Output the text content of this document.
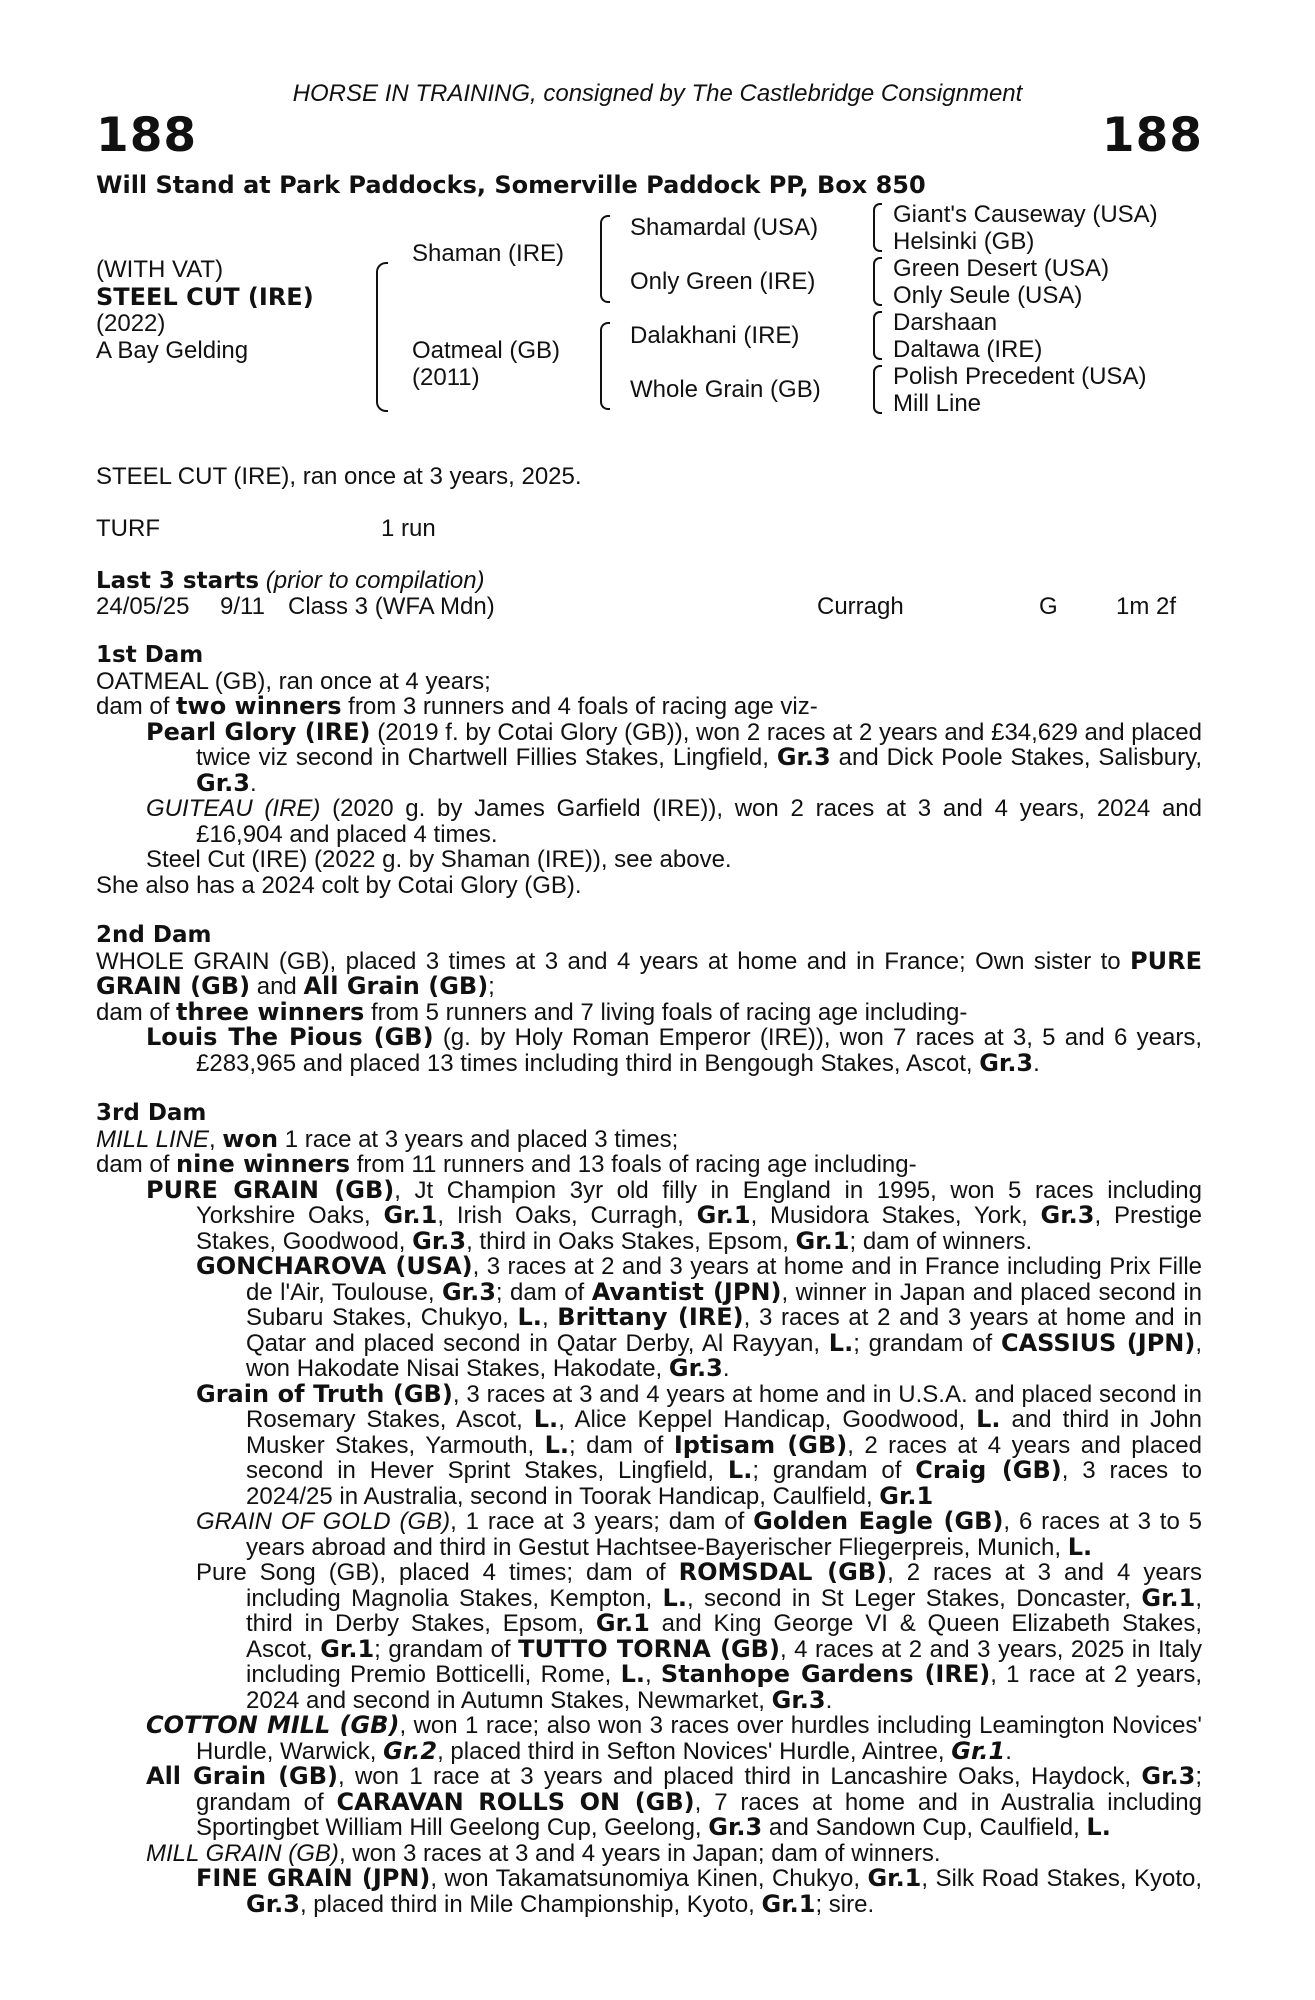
HORSE IN TRAINING, consigned by The Castlebridge Consignment
188	188
Will Stand at Park Paddocks, Somerville Paddock PP, Box 850
(WITH VAT)
STEEL CUT (IRE)
(2022)
A Bay Gelding
Shaman (IRE)
Oatmeal (GB)
(2011)
Shamardal (USA)
Only Green (IRE)
Dalakhani (IRE)
Whole Grain (GB)
Giant's Causeway (USA)
Helsinki (GB)
Green Desert (USA)
Only Seule (USA)
Darshaan
Daltawa (IRE)
Polish Precedent (USA)
Mill Line
STEEL CUT (IRE), ran once at 3 years, 2025.
TURF	1 run
Last 3 starts (prior to compilation)
24/05/25 9/11 Class 3 (WFA Mdn)	Curragh	G 1m 2f

1st Dam

OATMEAL (GB), ran once at 4 years;

dam of two winners from 3 runners and 4 foals of racing age viz-

Pearl Glory (IRE) (2019 f. by Cotai Glory (GB)), won 2 races at 2 years and £34,629 and placed twice viz second in Chartwell Fillies Stakes, Lingfield, Gr.3 and Dick Poole Stakes, Salisbury, Gr.3.

GUITEAU (IRE) (2020 g. by James Garfield (IRE)), won 2 races at 3 and 4 years, 2024 and £16,904 and placed 4 times.

Steel Cut (IRE) (2022 g. by Shaman (IRE)), see above.

She also has a 2024 colt by Cotai Glory (GB).

2nd Dam

WHOLE GRAIN (GB), placed 3 times at 3 and 4 years at home and in France; Own sister to PURE GRAIN (GB) and All Grain (GB);

dam of three winners from 5 runners and 7 living foals of racing age including-

Louis The Pious (GB) (g. by Holy Roman Emperor (IRE)), won 7 races at 3, 5 and 6 years, £283,965 and placed 13 times including third in Bengough Stakes, Ascot, Gr.3.

3rd Dam

MILL LINE, won 1 race at 3 years and placed 3 times;

dam of nine winners from 11 runners and 13 foals of racing age including-

PURE GRAIN (GB), Jt Champion 3yr old filly in England in 1995, won 5 races including Yorkshire Oaks, Gr.1, Irish Oaks, Curragh, Gr.1, Musidora Stakes, York, Gr.3, Prestige Stakes, Goodwood, Gr.3, third in Oaks Stakes, Epsom, Gr.1; dam of winners.

GONCHAROVA (USA), 3 races at 2 and 3 years at home and in France including Prix Fille de l'Air, Toulouse, Gr.3; dam of Avantist (JPN), winner in Japan and placed second in Subaru Stakes, Chukyo, L., Brittany (IRE), 3 races at 2 and 3 years at home and in Qatar and placed second in Qatar Derby, Al Rayyan, L.; grandam of CASSIUS (JPN), won Hakodate Nisai Stakes, Hakodate, Gr.3.

Grain of Truth (GB), 3 races at 3 and 4 years at home and in U.S.A. and placed second in Rosemary Stakes, Ascot, L., Alice Keppel Handicap, Goodwood, L. and third in John Musker Stakes, Yarmouth, L.; dam of Iptisam (GB), 2 races at 4 years and placed second in Hever Sprint Stakes, Lingfield, L.; grandam of Craig (GB), 3 races to 2024/25 in Australia, second in Toorak Handicap, Caulfield, Gr.1

GRAIN OF GOLD (GB), 1 race at 3 years; dam of Golden Eagle (GB), 6 races at 3 to 5 years abroad and third in Gestut Hachtsee-Bayerischer Fliegerpreis, Munich, L.

Pure Song (GB), placed 4 times; dam of ROMSDAL (GB), 2 races at 3 and 4 years including Magnolia Stakes, Kempton, L., second in St Leger Stakes, Doncaster, Gr.1, third in Derby Stakes, Epsom, Gr.1 and King George VI & Queen Elizabeth Stakes, Ascot, Gr.1; grandam of TUTTO TORNA (GB), 4 races at 2 and 3 years, 2025 in Italy including Premio Botticelli, Rome, L., Stanhope Gardens (IRE), 1 race at 2 years, 2024 and second in Autumn Stakes, Newmarket, Gr.3.

COTTON MILL (GB), won 1 race; also won 3 races over hurdles including Leamington Novices' Hurdle, Warwick, Gr.2, placed third in Sefton Novices' Hurdle, Aintree, Gr.1.

All Grain (GB), won 1 race at 3 years and placed third in Lancashire Oaks, Haydock, Gr.3; grandam of CARAVAN ROLLS ON (GB), 7 races at home and in Australia including Sportingbet William Hill Geelong Cup, Geelong, Gr.3 and Sandown Cup, Caulfield, L.

MILL GRAIN (GB), won 3 races at 3 and 4 years in Japan; dam of winners.

FINE GRAIN (JPN), won Takamatsunomiya Kinen, Chukyo, Gr.1, Silk Road Stakes, Kyoto, Gr.3, placed third in Mile Championship, Kyoto, Gr.1; sire.
